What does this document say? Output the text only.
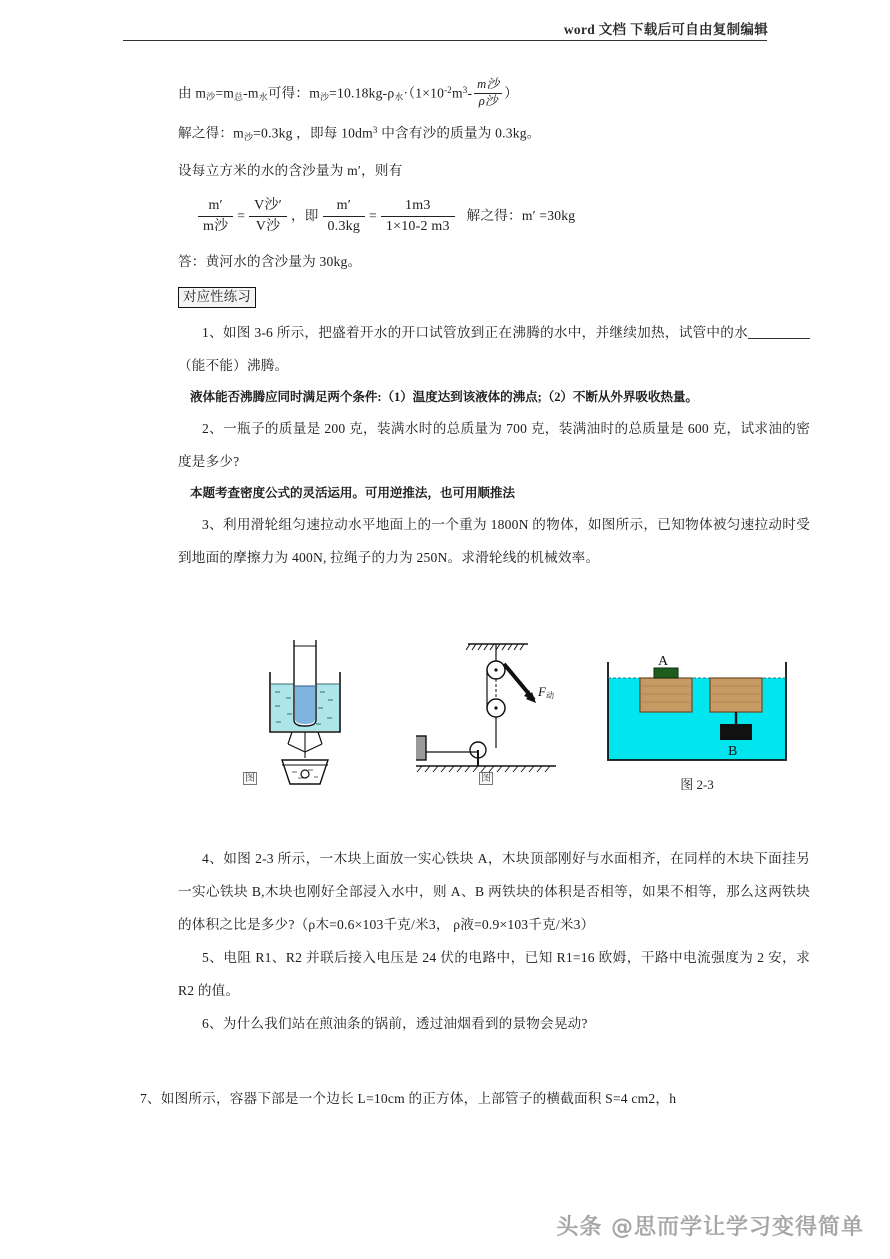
word 文档 下载后可自由复制编辑
由 $m_沙=m_总-m_水$可得：$m_沙=10.18kg-\rho_水\cdot(1\times 10^{-2}m^3- \frac{\text{m沙}}{\text{ρ沙}}$ ）
解之得：$m_沙=0.3kg$ ，即每 $10dm^3$ 中含有沙的质量为 0.3kg。
设每立方米的水的含沙量为 m′，则有
$\frac{m'}{\text{m沙}} = \frac{\text{V沙′}}{\text{V沙}}$ ，即 $\frac{m'}{0.3kg} = \frac{1m3}{1\times 10-2 m3}$ 解之得：m′ =30kg
答：黄河水的含沙量为 30kg。
对应性练习
1、如图 3-6 所示，把盛着开水的开口试管放到正在沸腾的水中，并继续加热，试管中的水（能不能）沸腾。
液体能否沸腾应同时满足两个条件:（1）温度达到该液体的沸点;（2）不断从外界吸收热量。
2、一瓶子的质量是 200 克，装满水时的总质量为 700 克，装满油时的总质量是 600 克，试求油的密度是多少?
本题考查密度公式的灵活运用。可用逆推法，也可用顺推法
3、利用滑轮组匀速拉动水平地面上的一个重为 1800N 的物体，如图所示，已知物体被匀速拉动时受到地面的摩擦力为 400N, 拉绳子的力为 250N。求滑轮线的机械效率。
图
$F_动$
图
A
B
图 2-3
4、如图 2-3 所示，一木块上面放一实心铁块 A，木块顶部刚好与水面相齐，在同样的木块下面挂另一实心铁块 B,木块也刚好全部浸入水中，则 A、B 两铁块的体积是否相等，如果不相等，那么这两铁块的体积之比是多少?（ρ木=0.6×103千克/米3， ρ液=0.9×103千克/米3）
5、电阻 R1、R2 并联后接入电压是 24 伏的电路中，已知 R1=16 欧姆，干路中电流强度为 2 安，求 R2 的值。
6、为什么我们站在煎油条的锅前，透过油烟看到的景物会晃动?
7、如图所示，容器下部是一个边长 L=10cm 的正方体，上部管子的横截面积 S=4 cm2，h
头条 @思而学让学习变得简单
